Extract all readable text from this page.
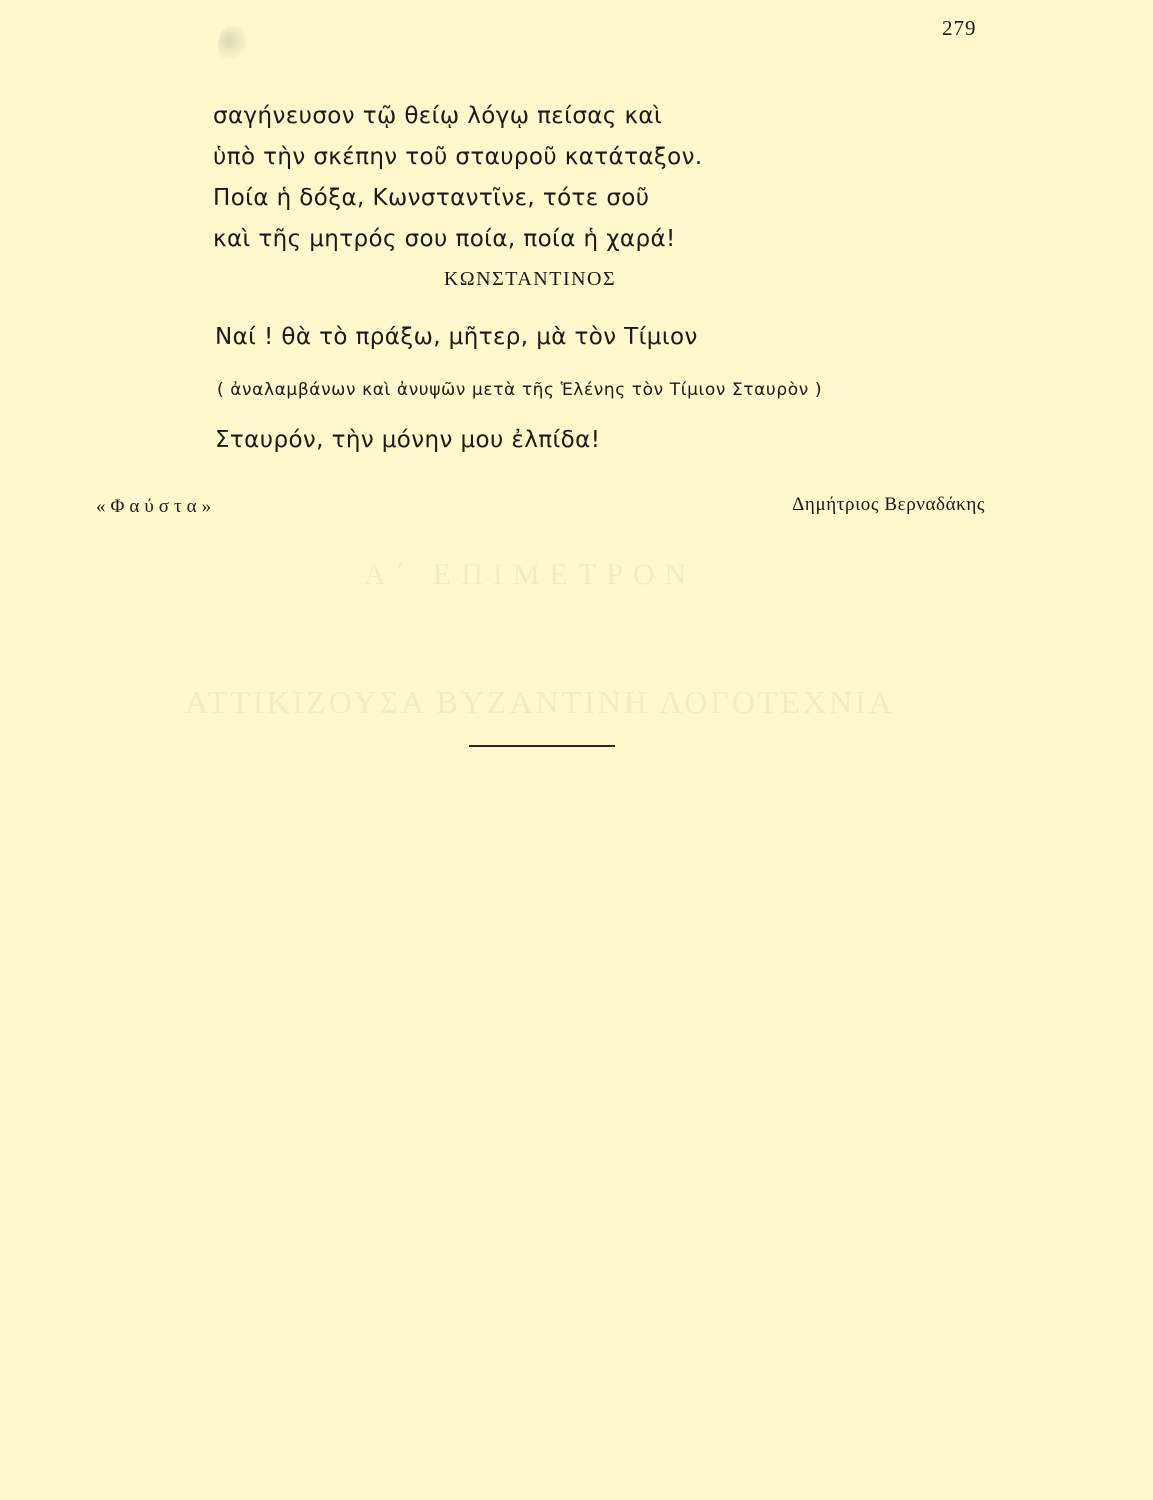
279
σαγήνευσον τῷ θείῳ λόγῳ πείσας καὶ
ὑπὸ τὴν σκέπην τοῦ σταυροῦ κατάταξον.
Ποία ἡ δόξα, Κωνσταντῖνε, τότε σοῦ
καὶ τῆς μητρός σου ποία, ποία ἡ χαρά!
ΚΩΝΣΤΑΝΤΙΝΟΣ
Ναί ! θὰ τὸ πράξω, μῆτερ, μὰ τὸν Τίμιον
( ἀναλαμβάνων καὶ ἀνυψῶν μετὰ τῆς Ἑλένης τὸν Τίμιον Σταυρὸν )
Σταυρόν, τὴν μόνην μου ἐλπίδα!
«Φαύστα»	Δημήτριος Βερναδάκης
Α΄ ΕΠΙΜΕΤΡΟΝ
ΑΤΤΙΚΙΖΟΥΣΑ ΒΥΖΑΝΤΙΝΗ ΛΟΓΟΤΕΧΝΙΑ
